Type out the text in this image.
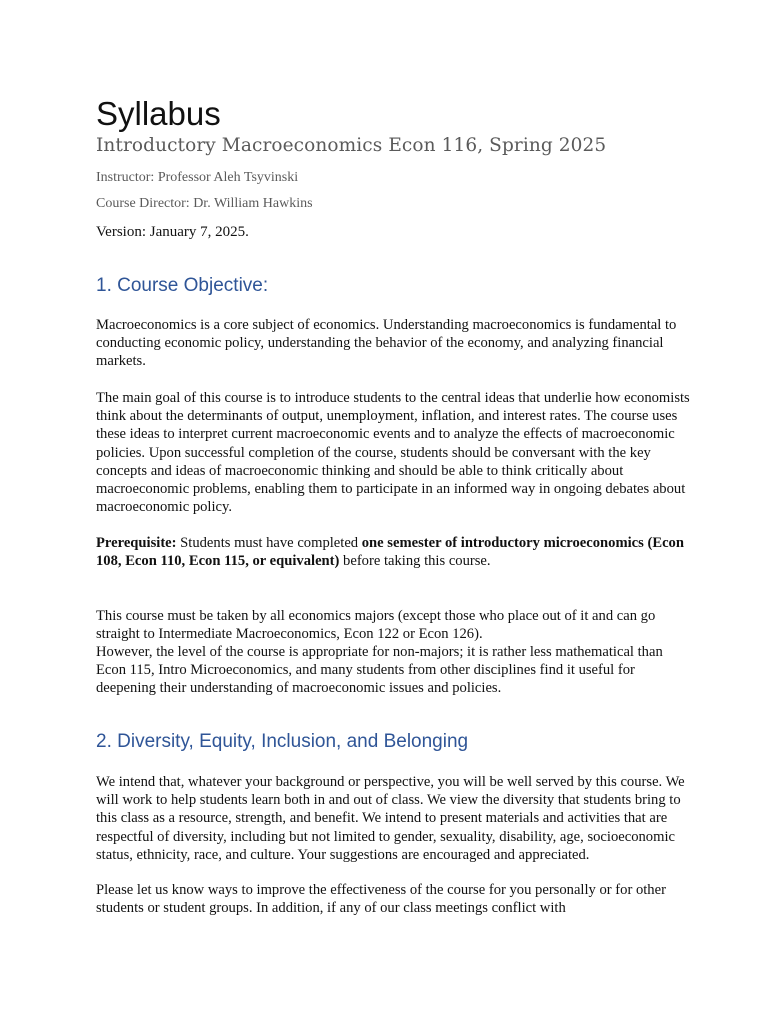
Syllabus

Introductory Macroeconomics Econ 116, Spring 2025

Instructor: Professor Aleh Tsyvinski

Course Director: Dr. William Hawkins

Version: January 7, 2025.

1. Course Objective:

Macroeconomics is a core subject of economics. Understanding macroeconomics is fundamental to conducting economic policy, understanding the behavior of the economy, and analyzing financial markets.

The main goal of this course is to introduce students to the central ideas that underlie how economists think about the determinants of output, unemployment, inflation, and interest rates. The course uses these ideas to interpret current macroeconomic events and to analyze the effects of macroeconomic policies. Upon successful completion of the course, students should be conversant with the key concepts and ideas of macroeconomic thinking and should be able to think critically about macroeconomic problems, enabling them to participate in an informed way in ongoing debates about macroeconomic policy.

Prerequisite: Students must have completed one semester of introductory microeconomics (Econ 108, Econ 110, Econ 115, or equivalent) before taking this course.

This course must be taken by all economics majors (except those who place out of it and can go straight to Intermediate Macroeconomics, Econ 122 or Econ 126).

However, the level of the course is appropriate for non-majors; it is rather less mathematical than Econ 115, Intro Microeconomics, and many students from other disciplines find it useful for deepening their understanding of macroeconomic issues and policies.

2. Diversity, Equity, Inclusion, and Belonging

We intend that, whatever your background or perspective, you will be well served by this course. We will work to help students learn both in and out of class. We view the diversity that students bring to this class as a resource, strength, and benefit. We intend to present materials and activities that are respectful of diversity, including but not limited to gender, sexuality, disability, age, socioeconomic status, ethnicity, race, and culture. Your suggestions are encouraged and appreciated.

Please let us know ways to improve the effectiveness of the course for you personally or for other students or student groups. In addition, if any of our class meetings conflict with
